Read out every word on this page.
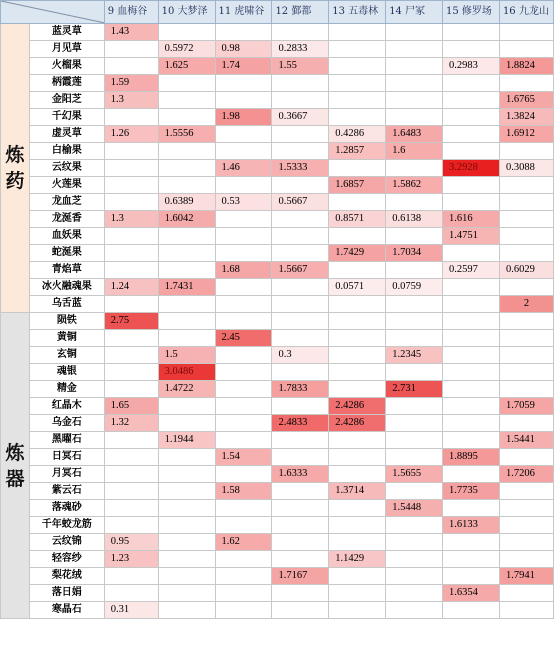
	9 血梅谷	10 大梦泽	11 虎啸谷	12 鄞都	13 五毒林	14 尸冢	15 修罗场	16 九龙山

炼药	蓝灵草	1.43							
	月见草		0.5972	0.98	0.2833				
	火榴果		1.625	1.74	1.55			0.2983	1.8824
	柄霞莲	1.59							
	金阳芝	1.3							1.6765
	千幻果			1.98	0.3667				1.3824
	虚灵草	1.26	1.5556			0.4286	1.6483		1.6912
	白榆果					1.2857	1.6		
	云纹果			1.46	1.5333			3.2928	0.3088
	火莲果					1.6857	1.5862		
	龙血芝		0.6389	0.53	0.5667				
	龙涎香	1.3	1.6042			0.8571	0.6138	1.616	
	血妖果							1.4751	
	蛇涎果					1.7429	1.7034		
	青焰草			1.68	1.5667			0.2597	0.6029
	冰火融魂果	1.24	1.7431			0.0571	0.0759		
	乌舌蓝								2

炼器	陨铁	2.75							
	黄铜			2.45					
	玄铜		1.5		0.3		1.2345		
	魂银		3.0486						
	精金		1.4722		1.7833		2.731		
	红晶木	1.65				2.4286			1.7059
	乌金石	1.32			2.4833	2.4286			
	黑曜石		1.1944						1.5441
	日冥石			1.54				1.8895	
	月冥石				1.6333		1.5655		1.7206
	紫云石			1.58		1.3714		1.7735	
	落魂砂						1.5448		
	千年蛟龙筋							1.6133	
	云纹锦	0.95		1.62					
	轻容纱	1.23				1.1429			
	梨花绒				1.7167				1.7941
	落日娟							1.6354	
	寒晶石	0.31							
